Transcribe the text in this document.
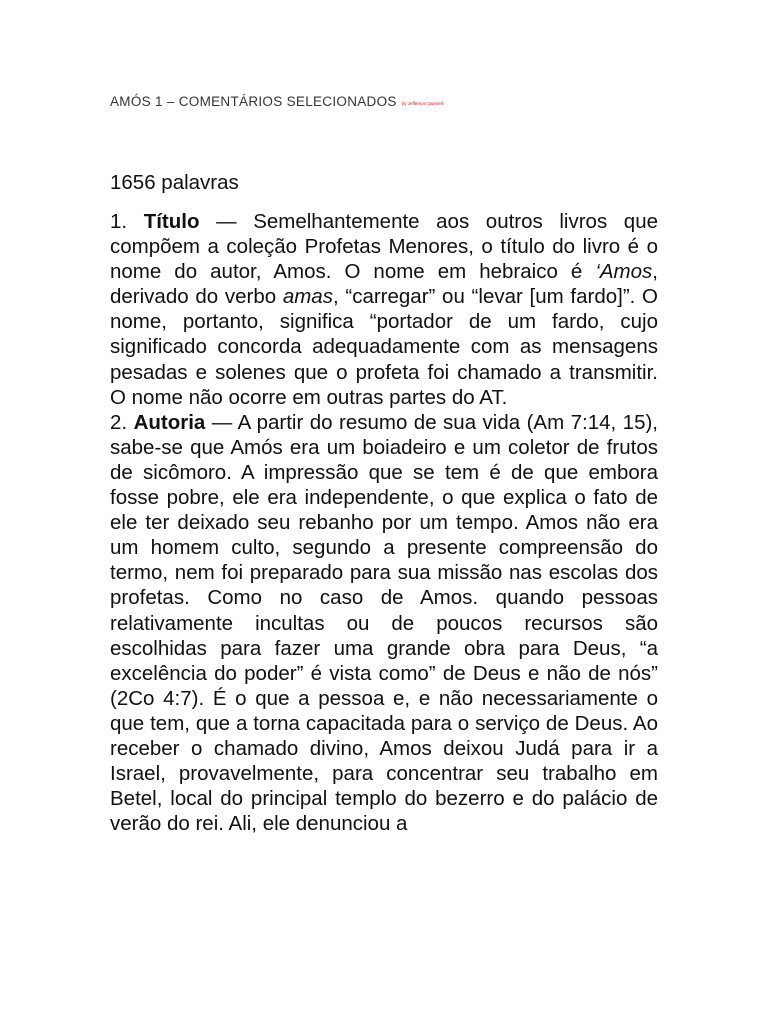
AMÓS 1 – COMENTÁRIOS SELECIONADOS by Jefferson Quimelli
1656 palavras

1. Título — Semelhantemente aos outros livros que compõem a coleção Profetas Menores, o título do livro é o nome do autor, Amos. O nome em hebraico é ‘Amos, derivado do verbo amas, “carregar” ou “levar [um fardo]”. O nome, portanto, significa “portador de um fardo, cujo significado concorda adequadamente com as mensagens pesadas e solenes que o profeta foi chamado a transmitir. O nome não ocorre em outras partes do AT.

2. Autoria — A partir do resumo de sua vida (Am 7:14, 15), sabe-se que Amós era um boiadeiro e um coletor de frutos de sicômoro. A impressão que se tem é de que embora fosse pobre, ele era independente, o que explica o fato de ele ter deixado seu rebanho por um tempo. Amos não era um homem culto, segundo a presente compreensão do termo, nem foi preparado para sua missão nas escolas dos profetas. Como no caso de Amos. quando pessoas relativamente incultas ou de poucos recursos são escolhidas para fazer uma grande obra para Deus, “a excelência do poder” é vista como” de Deus e não de nós” (2Co 4:7). É o que a pessoa e, e não necessariamente o que tem, que a torna capacitada para o serviço de Deus. Ao receber o chamado divino, Amos deixou Judá para ir a Israel, provavelmente, para concentrar seu trabalho em Betel, local do principal templo do bezerro e do palácio de verão do rei. Ali, ele denunciou a
